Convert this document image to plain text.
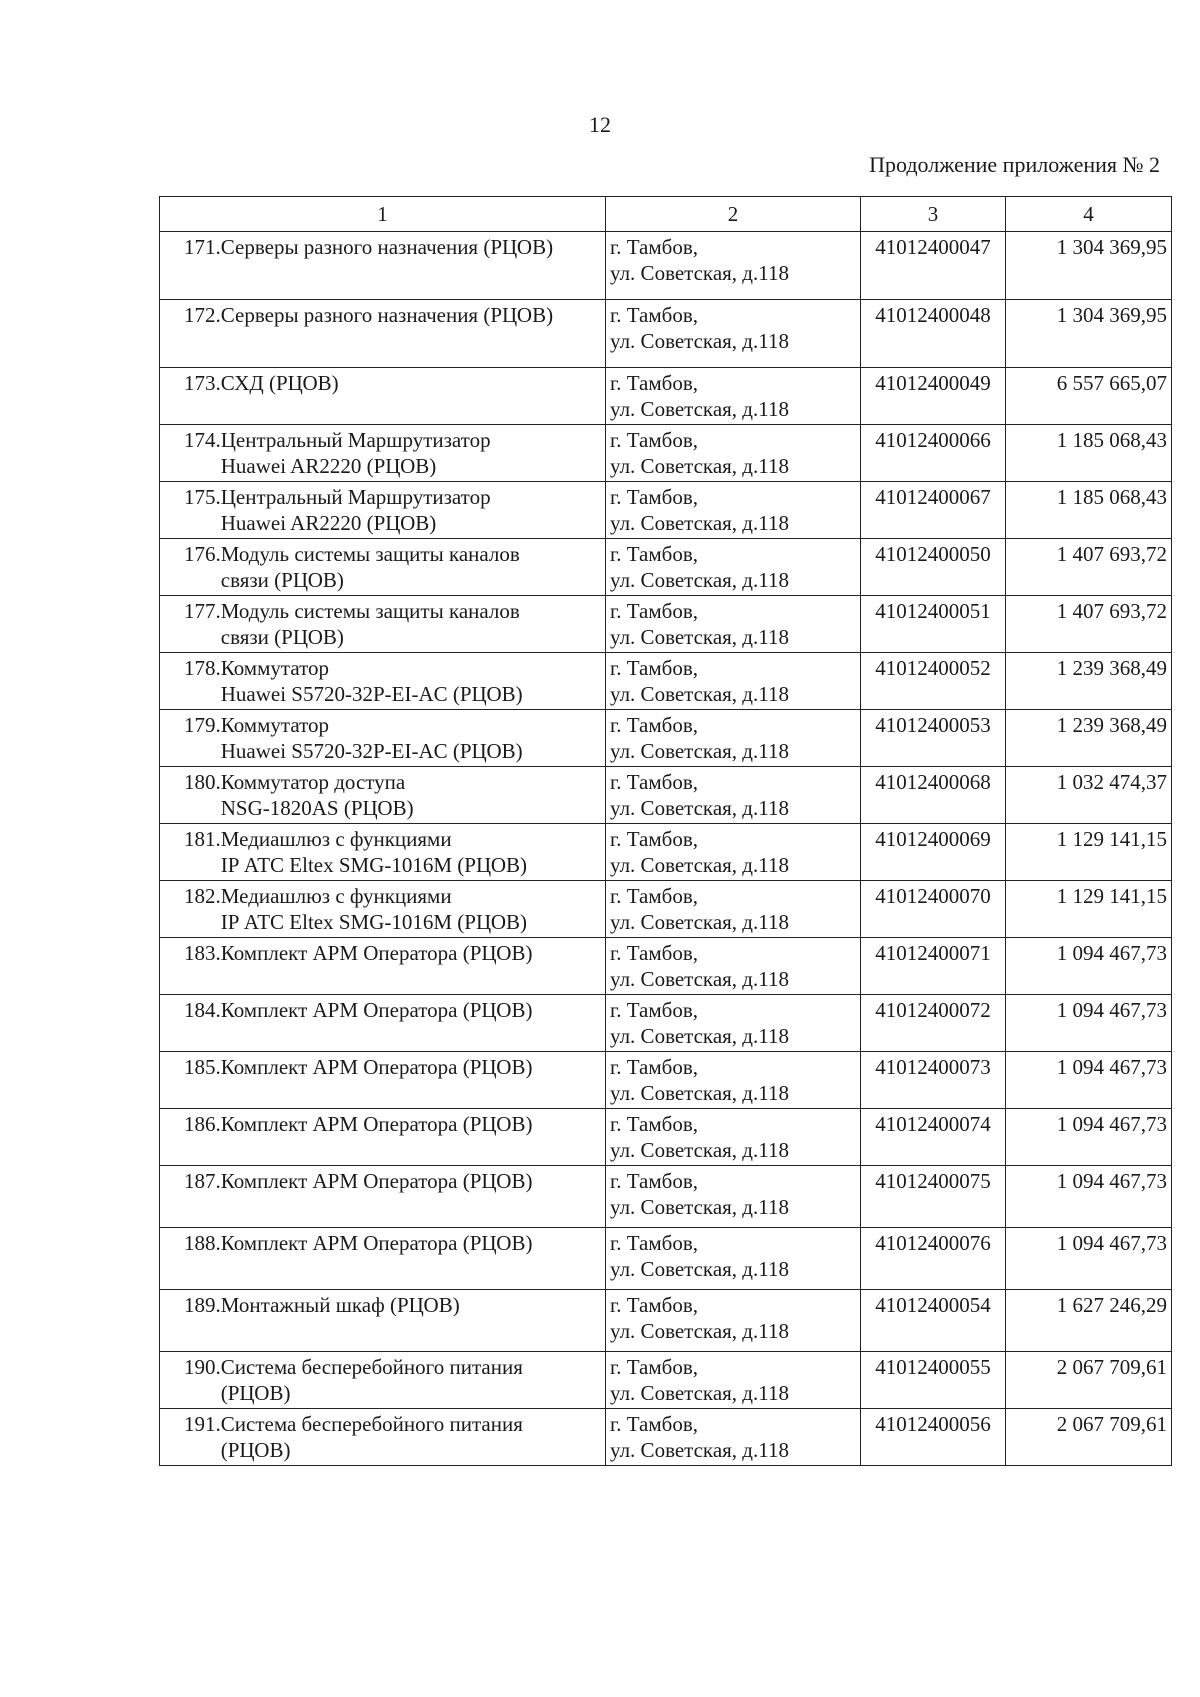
12
Продолжение приложения № 2
1	2	3	4

171. Серверы разного назначения (РЦОВ)	г. Тамбов,
ул. Советская, д.118	41012400047	1 304 369,95

172. Серверы разного назначения (РЦОВ)	г. Тамбов,
ул. Советская, д.118	41012400048	1 304 369,95

173. СХД (РЦОВ)	г. Тамбов,
ул. Советская, д.118	41012400049	6 557 665,07

174. Центральный Маршрутизатор
Huawei AR2220 (РЦОВ)	г. Тамбов,
ул. Советская, д.118	41012400066	1 185 068,43

175. Центральный Маршрутизатор
Huawei AR2220 (РЦОВ)	г. Тамбов,
ул. Советская, д.118	41012400067	1 185 068,43

176. Модуль системы защиты каналов
связи (РЦОВ)	г. Тамбов,
ул. Советская, д.118	41012400050	1 407 693,72

177. Модуль системы защиты каналов
связи (РЦОВ)	г. Тамбов,
ул. Советская, д.118	41012400051	1 407 693,72

178. Коммутатор
Huawei S5720-32P-EI-AC (РЦОВ)	г. Тамбов,
ул. Советская, д.118	41012400052	1 239 368,49

179. Коммутатор
Huawei S5720-32P-EI-AC (РЦОВ)	г. Тамбов,
ул. Советская, д.118	41012400053	1 239 368,49

180. Коммутатор доступа
NSG-1820AS (РЦОВ)	г. Тамбов,
ул. Советская, д.118	41012400068	1 032 474,37

181. Медиашлюз с функциями
IP АТС Eltex SMG-1016M (РЦОВ)	г. Тамбов,
ул. Советская, д.118	41012400069	1 129 141,15

182. Медиашлюз с функциями
IP АТС Eltex SMG-1016M (РЦОВ)	г. Тамбов,
ул. Советская, д.118	41012400070	1 129 141,15

183. Комплект АРМ Оператора (РЦОВ)	г. Тамбов,
ул. Советская, д.118	41012400071	1 094 467,73

184. Комплект АРМ Оператора (РЦОВ)	г. Тамбов,
ул. Советская, д.118	41012400072	1 094 467,73

185. Комплект АРМ Оператора (РЦОВ)	г. Тамбов,
ул. Советская, д.118	41012400073	1 094 467,73

186. Комплект АРМ Оператора (РЦОВ)	г. Тамбов,
ул. Советская, д.118	41012400074	1 094 467,73

187. Комплект АРМ Оператора (РЦОВ)	г. Тамбов,
ул. Советская, д.118	41012400075	1 094 467,73

188. Комплект АРМ Оператора (РЦОВ)	г. Тамбов,
ул. Советская, д.118	41012400076	1 094 467,73

189. Монтажный шкаф (РЦОВ)	г. Тамбов,
ул. Советская, д.118	41012400054	1 627 246,29

190. Система бесперебойного питания
(РЦОВ)	г. Тамбов,
ул. Советская, д.118	41012400055	2 067 709,61

191. Система бесперебойного питания
(РЦОВ)	г. Тамбов,
ул. Советская, д.118	41012400056	2 067 709,61
